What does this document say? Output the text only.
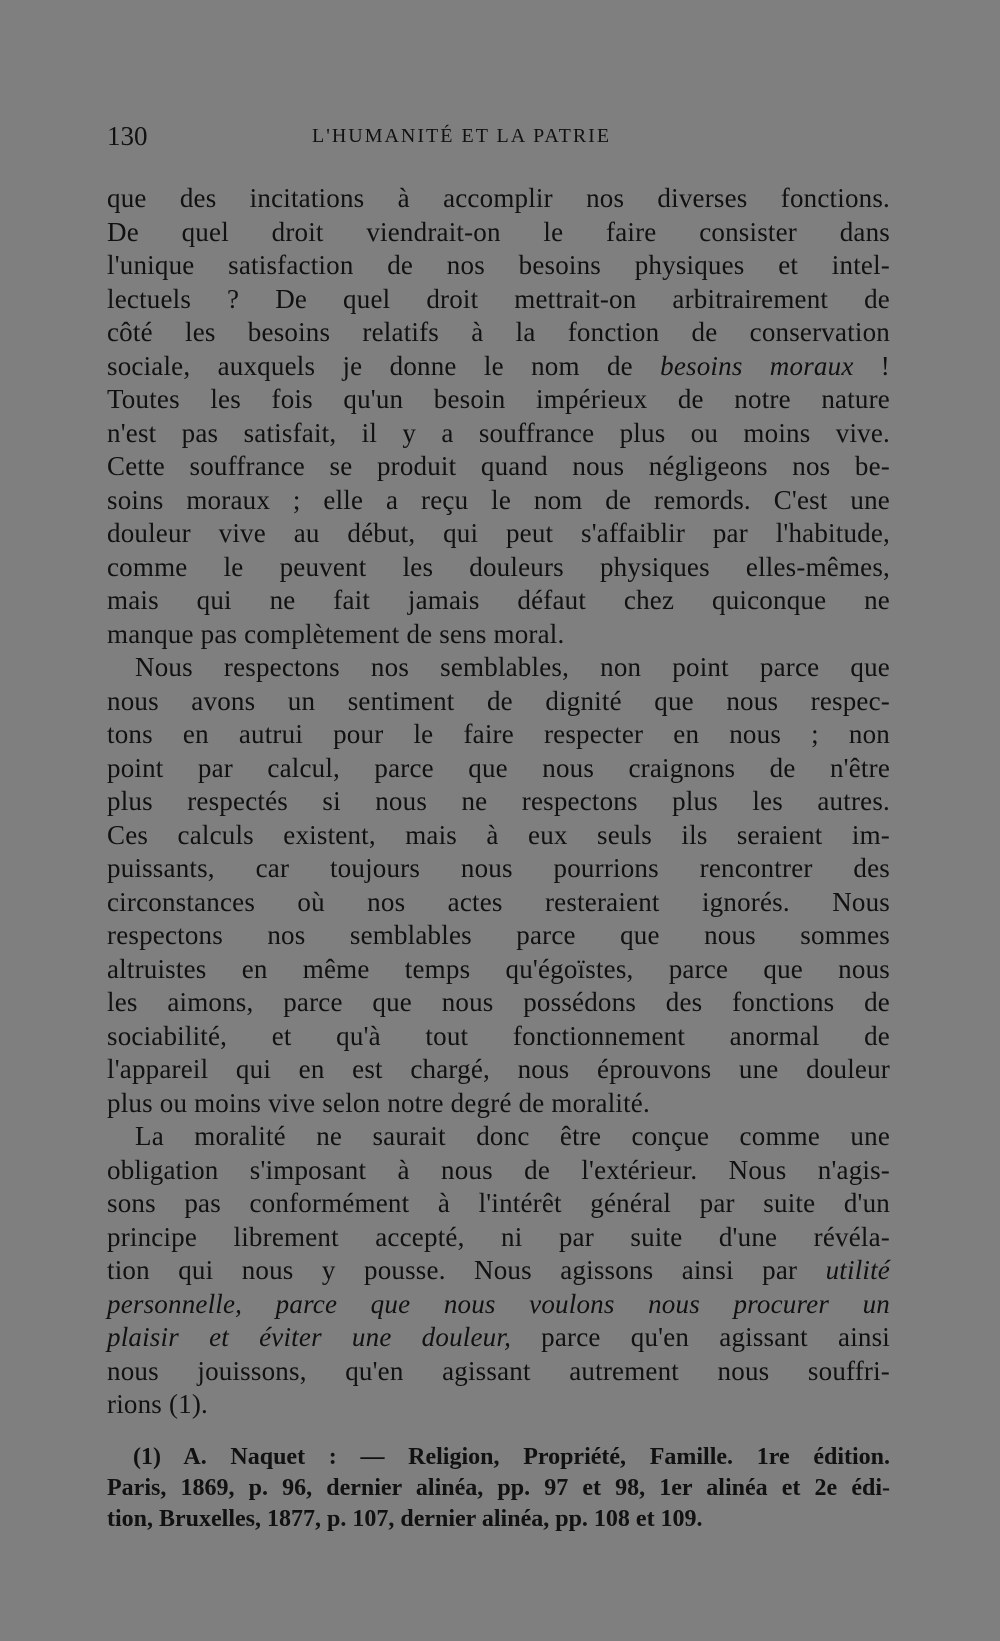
130	L'HUMANITÉ ET LA PATRIE
que des incitations à accomplir nos diverses fonctions.
De quel droit viendrait-on le faire consister dans
l'unique satisfaction de nos besoins physiques et intel-
lectuels ? De quel droit mettrait-on arbitrairement de
côté les besoins relatifs à la fonction de conservation
sociale, auxquels je donne le nom de besoins moraux !
Toutes les fois qu'un besoin impérieux de notre nature
n'est pas satisfait, il y a souffrance plus ou moins vive.
Cette souffrance se produit quand nous négligeons nos be-
soins moraux ; elle a reçu le nom de remords. C'est une
douleur vive au début, qui peut s'affaiblir par l'habitude,
comme le peuvent les douleurs physiques elles-mêmes,
mais qui ne fait jamais défaut chez quiconque ne
manque pas complètement de sens moral.
Nous respectons nos semblables, non point parce que
nous avons un sentiment de dignité que nous respec-
tons en autrui pour le faire respecter en nous ; non
point par calcul, parce que nous craignons de n'être
plus respectés si nous ne respectons plus les autres.
Ces calculs existent, mais à eux seuls ils seraient im-
puissants, car toujours nous pourrions rencontrer des
circonstances où nos actes resteraient ignorés. Nous
respectons nos semblables parce que nous sommes
altruistes en même temps qu'égoïstes, parce que nous
les aimons, parce que nous possédons des fonctions de
sociabilité, et qu'à tout fonctionnement anormal de
l'appareil qui en est chargé, nous éprouvons une douleur
plus ou moins vive selon notre degré de moralité.
La moralité ne saurait donc être conçue comme une
obligation s'imposant à nous de l'extérieur. Nous n'agis-
sons pas conformément à l'intérêt général par suite d'un
principe librement accepté, ni par suite d'une révéla-
tion qui nous y pousse. Nous agissons ainsi par utilité
personnelle, parce que nous voulons nous procurer un
plaisir et éviter une douleur, parce qu'en agissant ainsi
nous jouissons, qu'en agissant autrement nous souffri-
rions (1).
(1) A. Naquet : — Religion, Propriété, Famille. 1re édition.
Paris, 1869, p. 96, dernier alinéa, pp. 97 et 98, 1er alinéa et 2e édi-
tion, Bruxelles, 1877, p. 107, dernier alinéa, pp. 108 et 109.
